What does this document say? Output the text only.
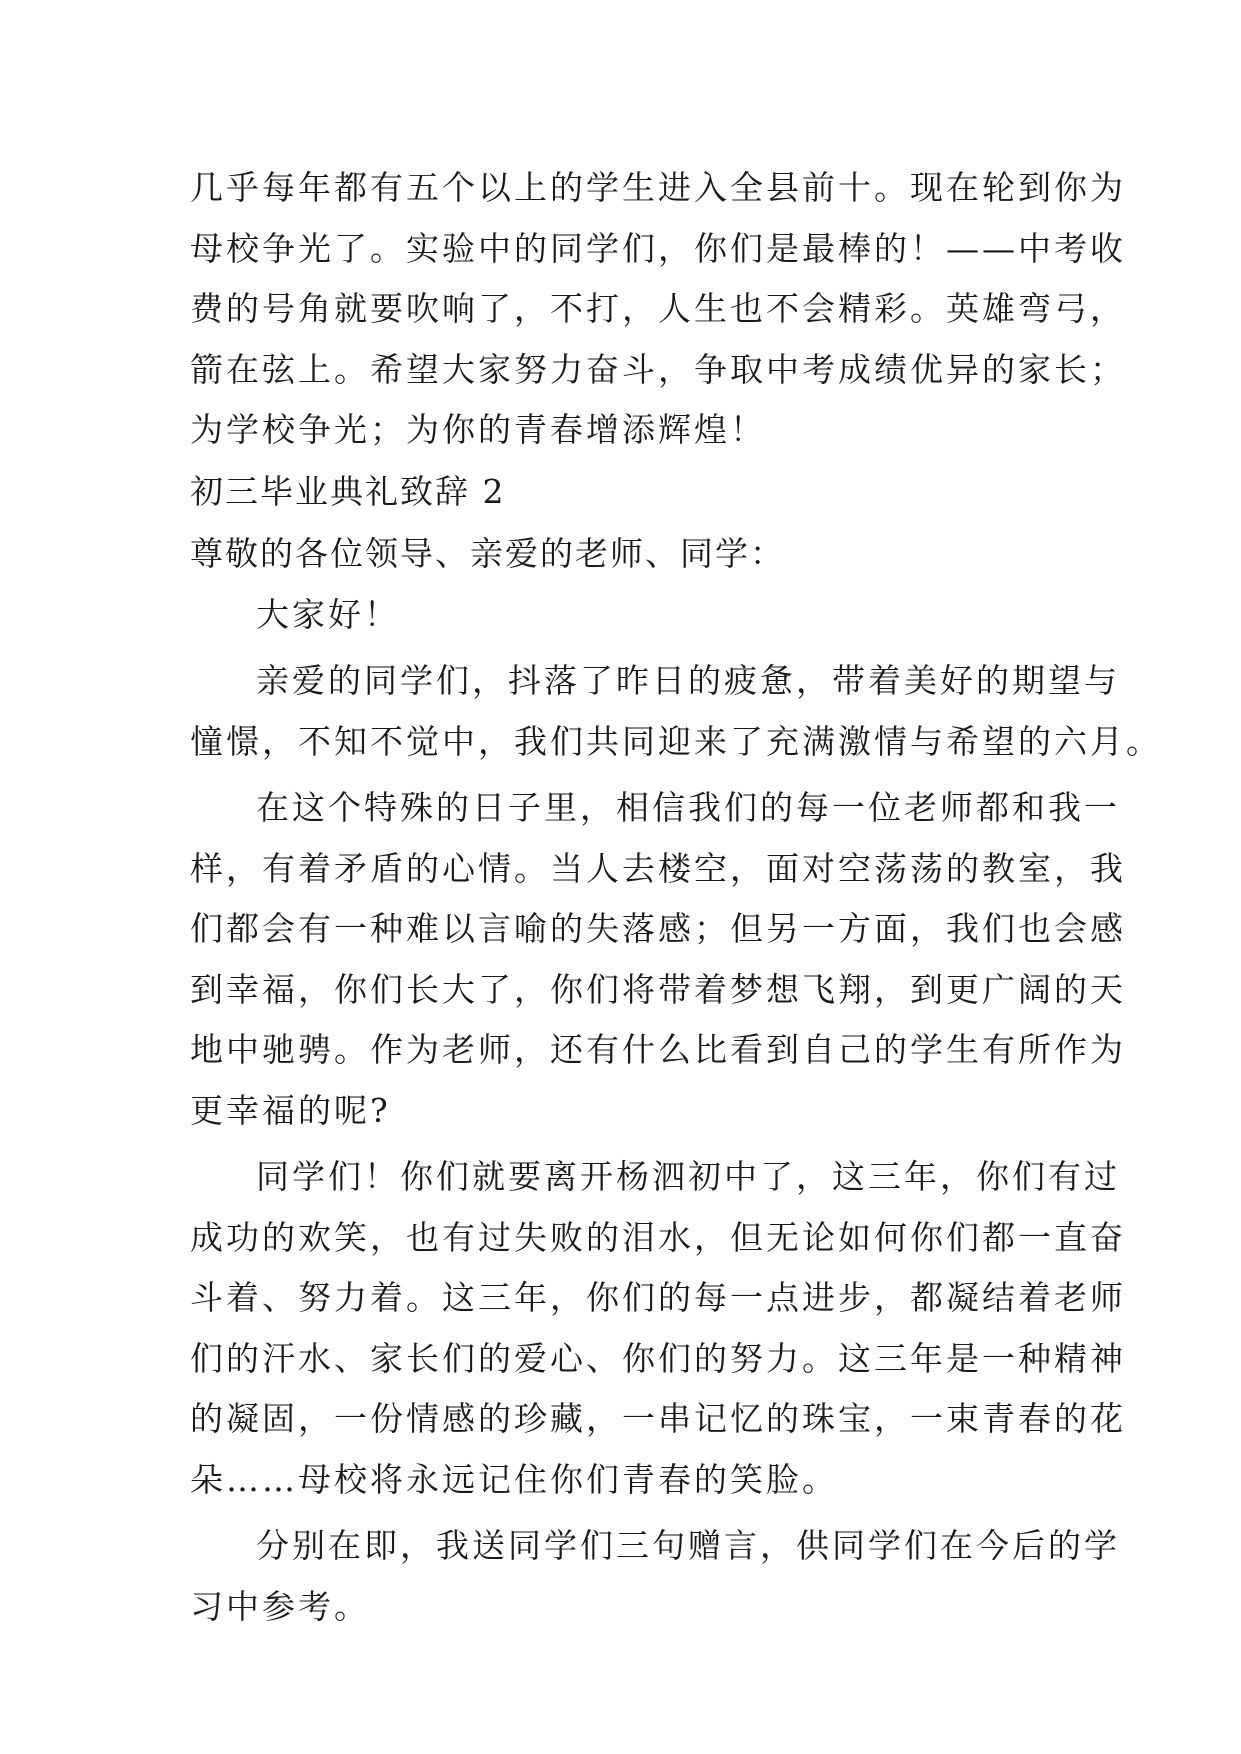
几乎每年都有五个以上的学生进入全县前十。现在轮到你为
母校争光了。实验中的同学们，你们是最棒的！——中考收
费的号角就要吹响了，不打，人生也不会精彩。英雄弯弓，
箭在弦上。希望大家努力奋斗，争取中考成绩优异的家长；
为学校争光；为你的青春增添辉煌！
初三毕业典礼致辞 2
尊敬的各位领导、亲爱的老师、同学：
大家好！
亲爱的同学们，抖落了昨日的疲惫，带着美好的期望与
憧憬，不知不觉中，我们共同迎来了充满激情与希望的六月。
在这个特殊的日子里，相信我们的每一位老师都和我一
样，有着矛盾的心情。当人去楼空，面对空荡荡的教室，我
们都会有一种难以言喻的失落感；但另一方面，我们也会感
到幸福，你们长大了，你们将带着梦想飞翔，到更广阔的天
地中驰骋。作为老师，还有什么比看到自己的学生有所作为
更幸福的呢?
同学们！你们就要离开杨泗初中了，这三年，你们有过
成功的欢笑，也有过失败的泪水，但无论如何你们都一直奋
斗着、努力着。这三年，你们的每一点进步，都凝结着老师
们的汗水、家长们的爱心、你们的努力。这三年是一种精神
的凝固，一份情感的珍藏，一串记忆的珠宝，一束青春的花
朵……母校将永远记住你们青春的笑脸。
分别在即，我送同学们三句赠言，供同学们在今后的学
习中参考。
